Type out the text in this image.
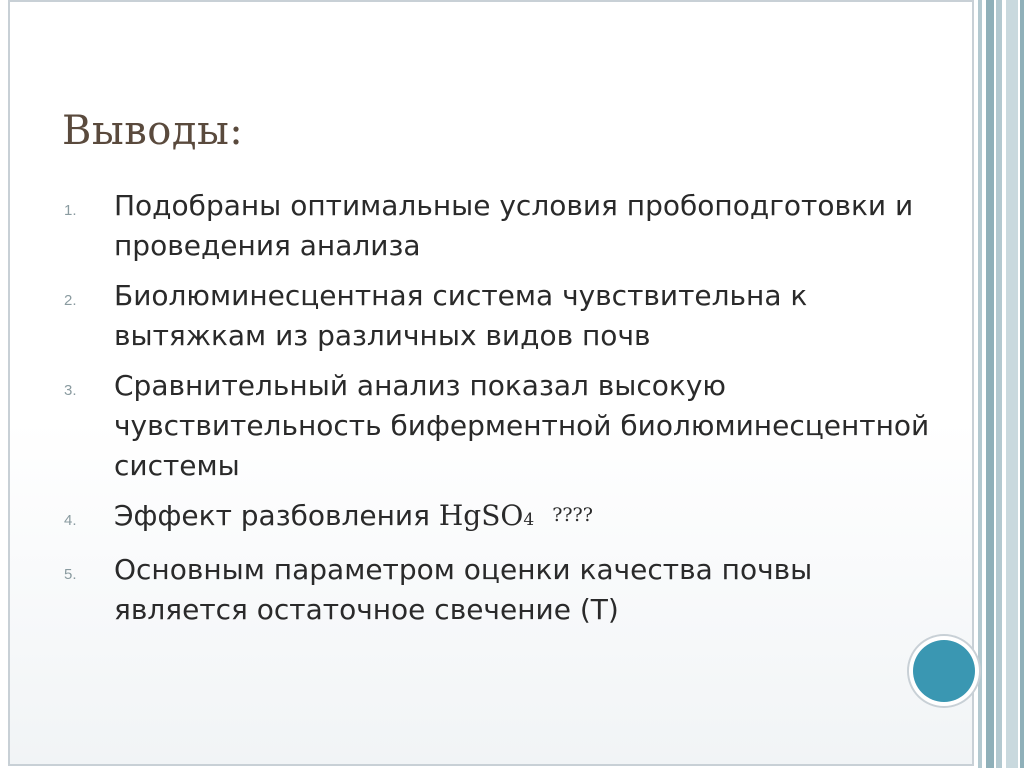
Выводы:
1. Подобраны оптимальные условия пробоподготовки и проведения анализа
2. Биолюминесцентная система чувствительна к вытяжкам из различных видов почв
3. Сравнительный анализ показал высокую чувствительность биферментной биолюминесцентной системы
4. Эффект разбовления HgSO4 ????
5. Основным параметром оценки качества почвы является остаточное свечение (T)
